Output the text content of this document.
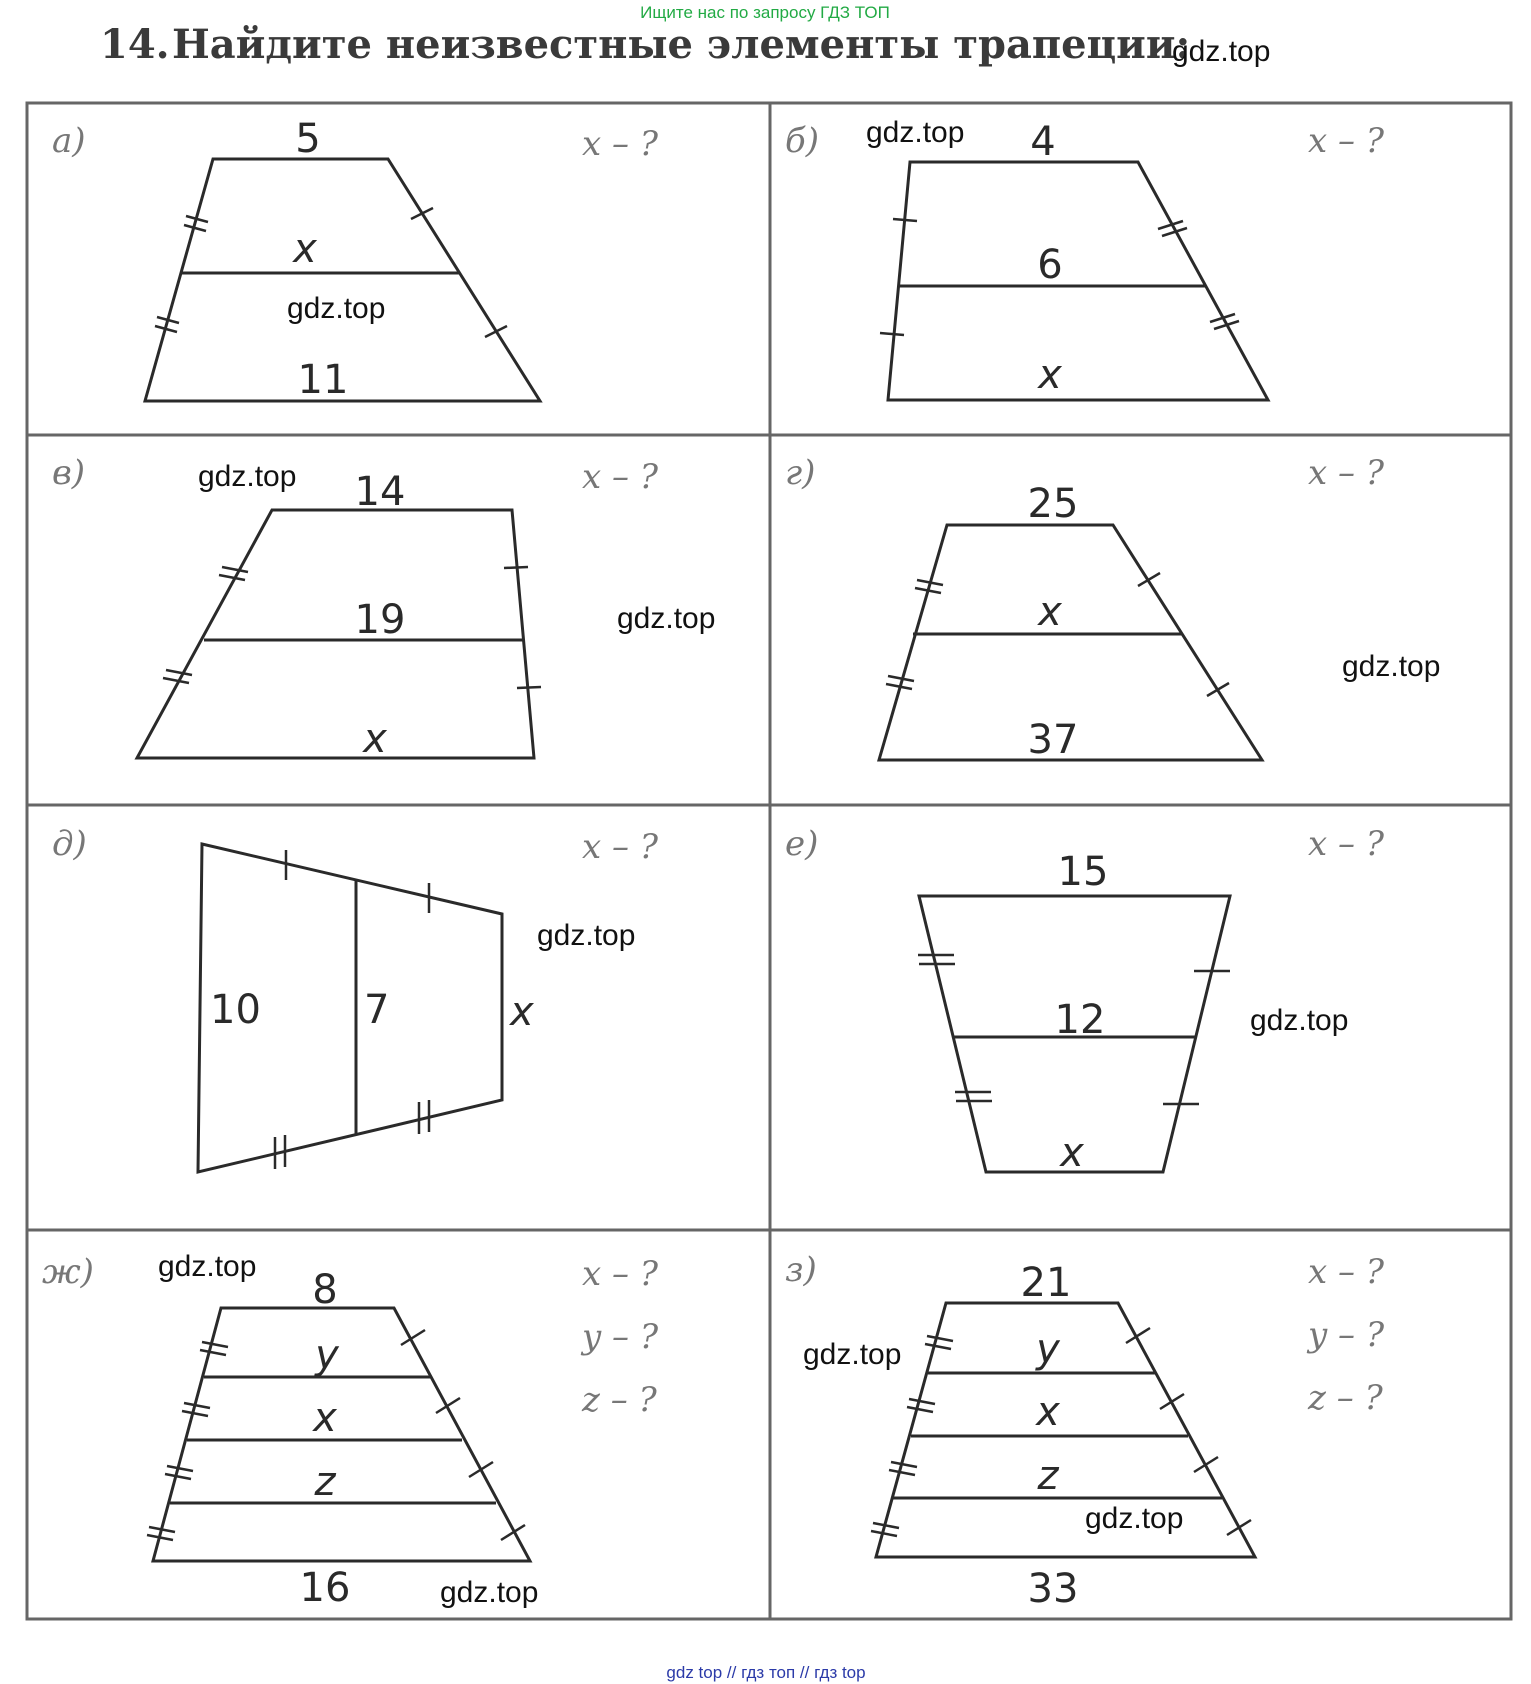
Ищите нас по запросу ГДЗ ТОП
14. Найдите неизвестные элементы трапеции:
gdz.top
а)	x – ?
5
x
11
gdz.top
б)	x – ?
4
6
x
gdz.top
в)	x – ?
14
19
x
gdz.top
gdz.top
г)	x – ?
25
x
37
gdz.top
д)	x – ?
10	7	x
gdz.top
е)	x – ?
15
12
x
gdz.top
ж)	x – ?
y – ?
z – ?
8
y
x
z
16
gdz.top
gdz.top
з)	x – ?
y – ?
z – ?
21
y
x
z
33
gdz.top
gdz.top
gdz top // гдз топ // гдз top
